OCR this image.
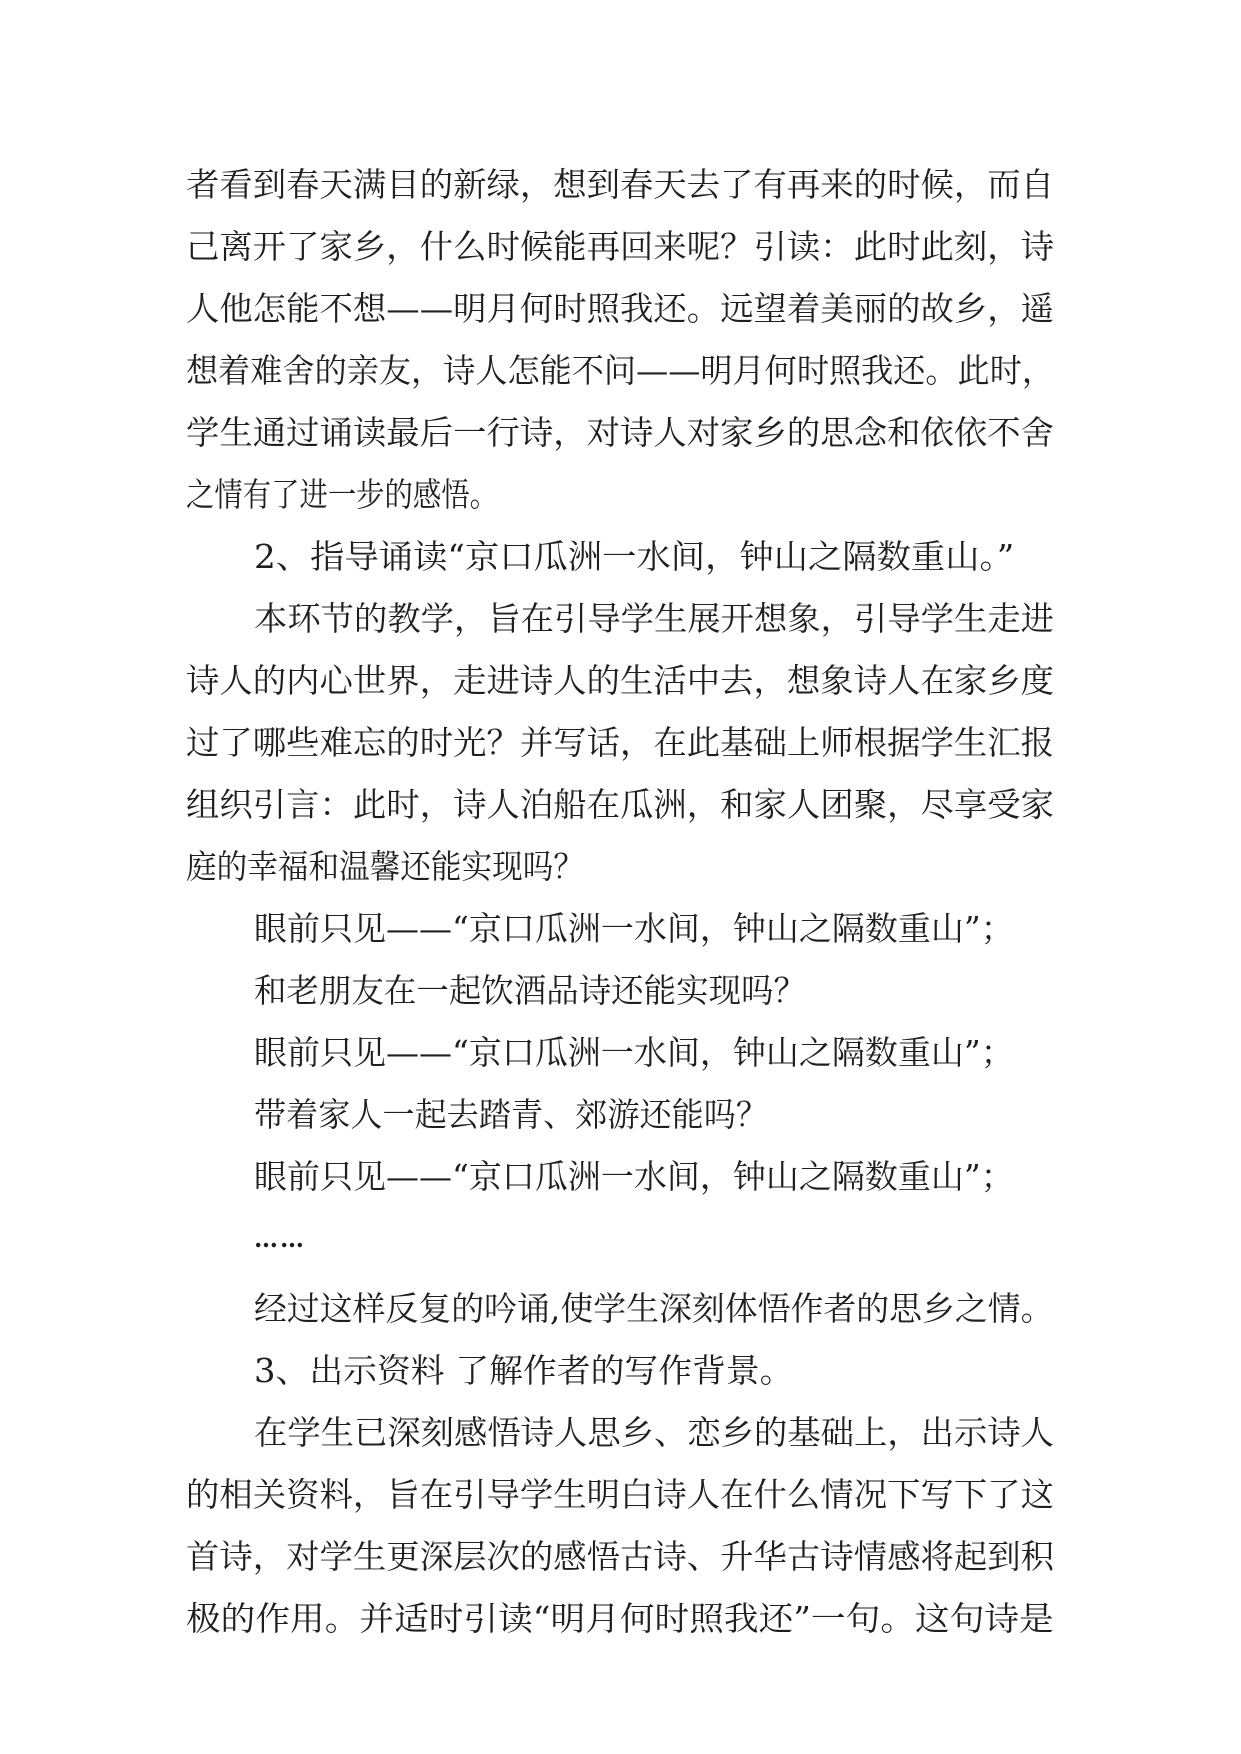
者看到春天满目的新绿，想到春天去了有再来的时候，而自
己离开了家乡，什么时候能再回来呢？引读：此时此刻，诗
人他怎能不想——明月何时照我还。远望着美丽的故乡，遥
想着难舍的亲友，诗人怎能不问——明月何时照我还。此时，
学生通过诵读最后一行诗，对诗人对家乡的思念和依依不舍
之情有了进一步的感悟。
2、指导诵读“京口瓜洲一水间，钟山之隔数重山。”
本环节的教学，旨在引导学生展开想象，引导学生走进
诗人的内心世界，走进诗人的生活中去，想象诗人在家乡度
过了哪些难忘的时光？并写话，在此基础上师根据学生汇报
组织引言：此时，诗人泊船在瓜洲，和家人团聚，尽享受家
庭的幸福和温馨还能实现吗？
眼前只见——“京口瓜洲一水间，钟山之隔数重山”；
和老朋友在一起饮酒品诗还能实现吗？
眼前只见——“京口瓜洲一水间，钟山之隔数重山”；
带着家人一起去踏青、郊游还能吗？
眼前只见——“京口瓜洲一水间，钟山之隔数重山”；
……
经过这样反复的吟诵,使学生深刻体悟作者的思乡之情。
3、出示资料 了解作者的写作背景。
在学生已深刻感悟诗人思乡、恋乡的基础上，出示诗人
的相关资料，旨在引导学生明白诗人在什么情况下写下了这
首诗，对学生更深层次的感悟古诗、升华古诗情感将起到积
极的作用。并适时引读“明月何时照我还”一句。这句诗是
